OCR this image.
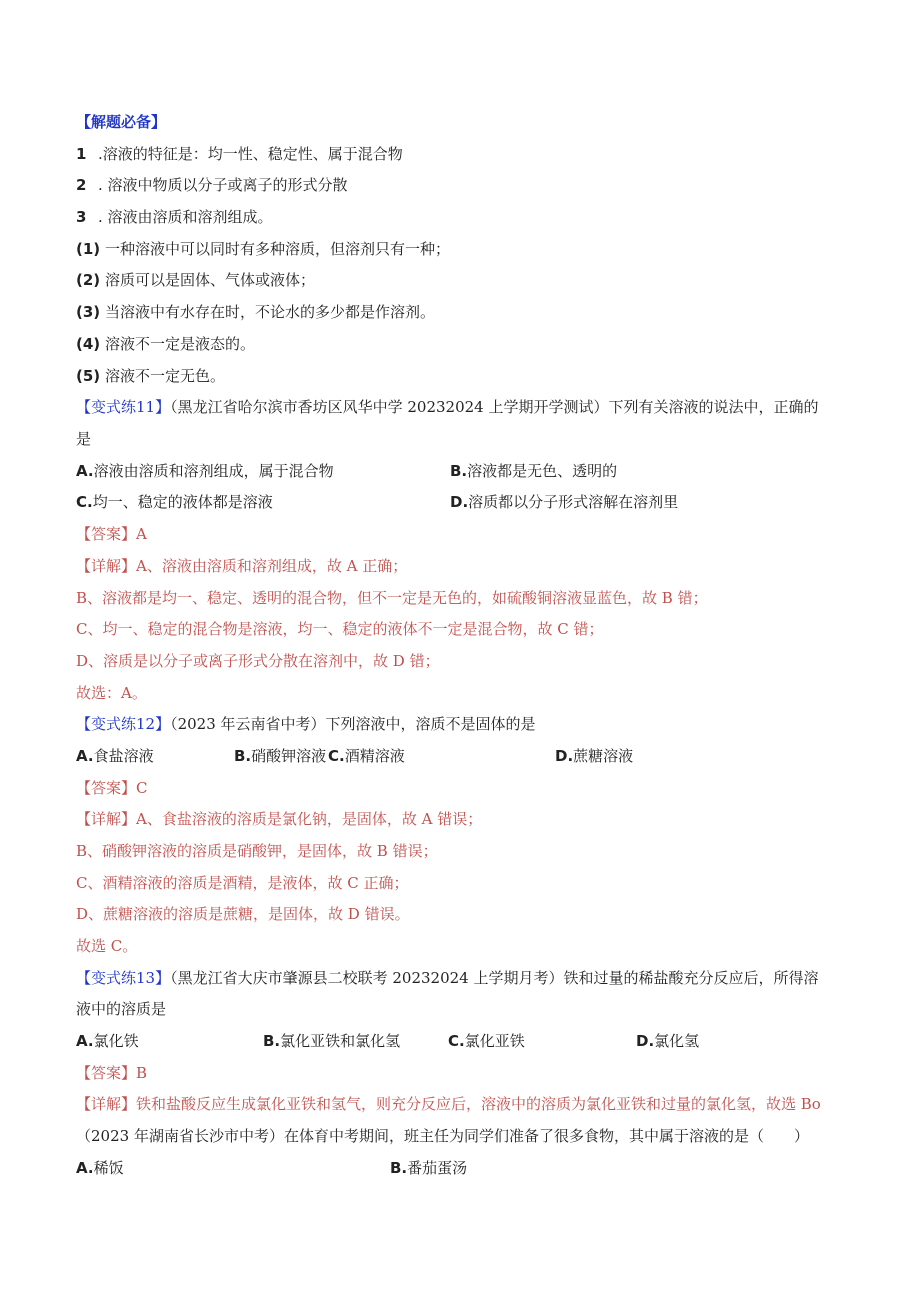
【解题必备】
1 .溶液的特征是：均一性、稳定性、属于混合物
2 . 溶液中物质以分子或离子的形式分散
3 . 溶液由溶质和溶剂组成。
(1) 一种溶液中可以同时有多种溶质，但溶剂只有一种；
(2) 溶质可以是固体、气体或液体；
(3) 当溶液中有水存在时，不论水的多少都是作溶剂。
(4) 溶液不一定是液态的。
(5) 溶液不一定无色。
【变式练11】（黑龙江省哈尔滨市香坊区风华中学 20232024 上学期开学测试）下列有关溶液的说法中，正确的
是
A.溶液由溶质和溶剂组成，属于混合物	B.溶液都是无色、透明的
C.均一、稳定的液体都是溶液	D.溶质都以分子形式溶解在溶剂里
【答案】A
【详解】A、溶液由溶质和溶剂组成，故 A 正确；
B、溶液都是均一、稳定、透明的混合物，但不一定是无色的，如硫酸铜溶液显蓝色，故 B 错；
C、均一、稳定的混合物是溶液，均一、稳定的液体不一定是混合物，故 C 错；
D、溶质是以分子或离子形式分散在溶剂中，故 D 错；
故选：A。
【变式练12】（2023 年云南省中考）下列溶液中，溶质不是固体的是
A.食盐溶液	B.硝酸钾溶液 C.酒精溶液	D.蔗糖溶液
【答案】C
【详解】A、食盐溶液的溶质是氯化钠，是固体，故 A 错误；
B、硝酸钾溶液的溶质是硝酸钾，是固体，故 B 错误；
C、酒精溶液的溶质是酒精，是液体，故 C 正确；
D、蔗糖溶液的溶质是蔗糖，是固体，故 D 错误。
故选 C。
【变式练13】（黑龙江省大庆市肇源县二校联考 20232024 上学期月考）铁和过量的稀盐酸充分反应后，所得溶
液中的溶质是
A.氯化铁	B.氯化亚铁和氯化氢	C.氯化亚铁	D.氯化氢
【答案】B
【详解】铁和盐酸反应生成氯化亚铁和氢气，则充分反应后，溶液中的溶质为氯化亚铁和过量的氯化氢，故选 Bo
（2023 年湖南省长沙市中考）在体育中考期间，班主任为同学们准备了很多食物，其中属于溶液的是（　　）
A.稀饭	B.番茄蛋汤
